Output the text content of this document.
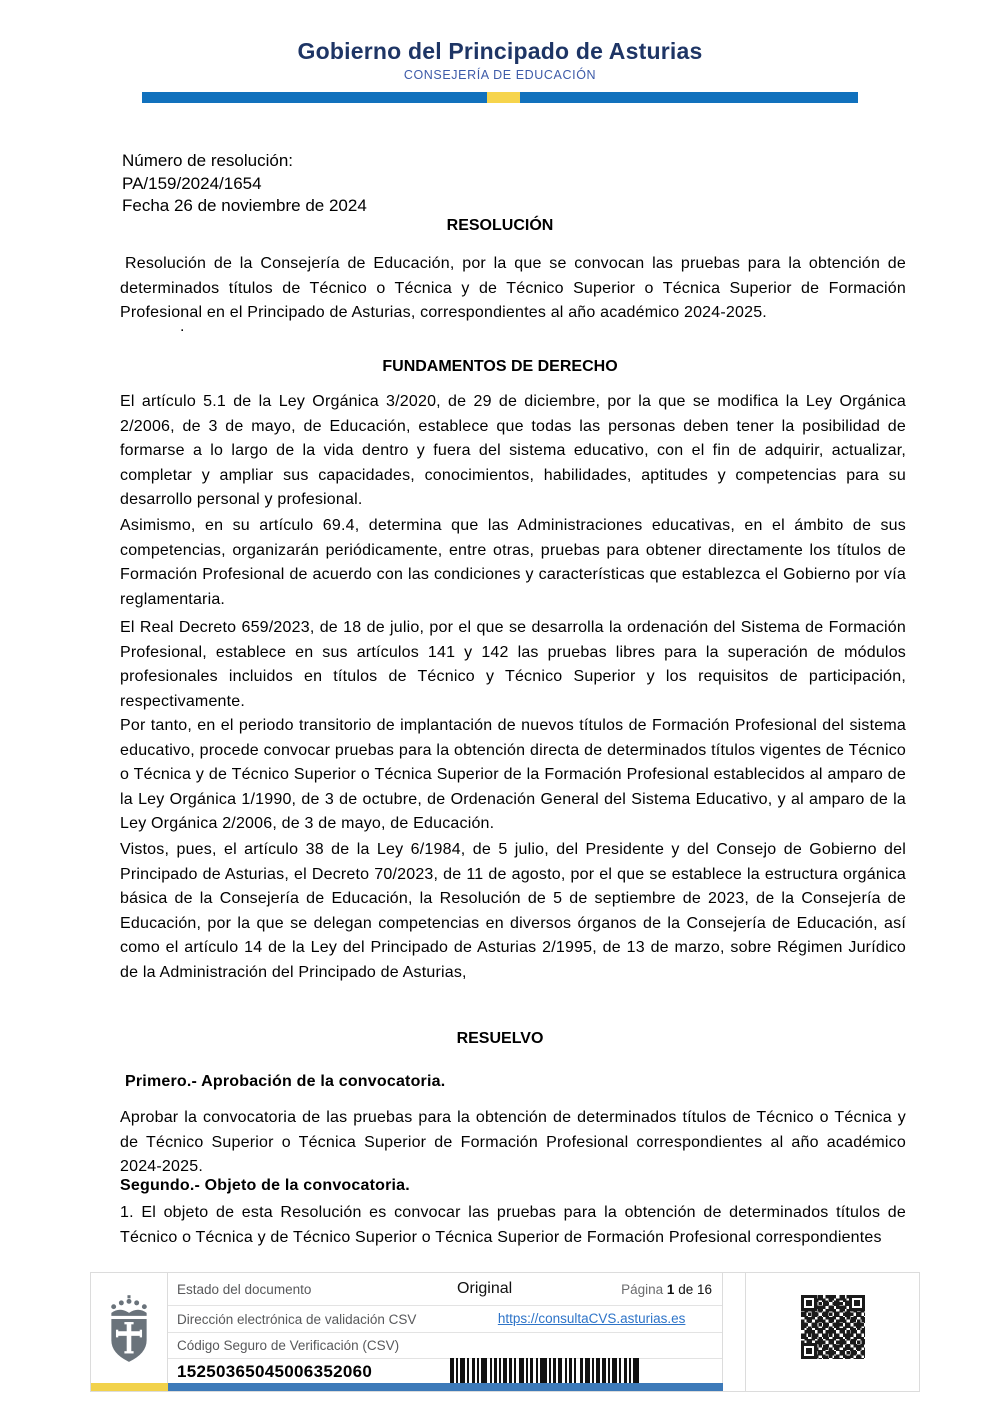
Gobierno del Principado de Asturias
CONSEJERÍA DE EDUCACIÓN
Número de resolución:
PA/159/2024/1654
Fecha 26 de noviembre de 2024
RESOLUCIÓN
Resolución de la Consejería de Educación, por la que se convocan las pruebas para la obtención de determinados títulos de Técnico o Técnica y de Técnico Superior o Técnica Superior de Formación Profesional en el Principado de Asturias, correspondientes al año académico 2024-2025.
.
FUNDAMENTOS DE DERECHO
El artículo 5.1 de la Ley Orgánica 3/2020, de 29 de diciembre, por la que se modifica la Ley Orgánica 2/2006, de 3 de mayo, de Educación, establece que todas las personas deben tener la posibilidad de formarse a lo largo de la vida dentro y fuera del sistema educativo, con el fin de adquirir, actualizar, completar y ampliar sus capacidades, conocimientos, habilidades, aptitudes y competencias para su desarrollo personal y profesional.
Asimismo, en su artículo 69.4, determina que las Administraciones educativas, en el ámbito de sus competencias, organizarán periódicamente, entre otras, pruebas para obtener directamente los títulos de Formación Profesional de acuerdo con las condiciones y características que establezca el Gobierno por vía reglamentaria.
El Real Decreto 659/2023, de 18 de julio, por el que se desarrolla la ordenación del Sistema de Formación Profesional, establece en sus artículos 141 y 142 las pruebas libres para la superación de módulos profesionales incluidos en títulos de Técnico y Técnico Superior y los requisitos de participación, respectivamente.
Por tanto, en el periodo transitorio de implantación de nuevos títulos de Formación Profesional del sistema educativo, procede convocar pruebas para la obtención directa de determinados títulos vigentes de Técnico o Técnica y de Técnico Superior o Técnica Superior de la Formación Profesional establecidos al amparo de la Ley Orgánica 1/1990, de 3 de octubre, de Ordenación General del Sistema Educativo, y al amparo de la Ley Orgánica 2/2006, de 3 de mayo, de Educación.
Vistos, pues, el artículo 38 de la Ley 6/1984, de 5 julio, del Presidente y del Consejo de Gobierno del Principado de Asturias, el Decreto 70/2023, de 11 de agosto, por el que se establece la estructura orgánica básica de la Consejería de Educación, la Resolución de 5 de septiembre de 2023, de la Consejería de Educación, por la que se delegan competencias en diversos órganos de la Consejería de Educación, así como el artículo 14 de la Ley del Principado de Asturias 2/1995, de 13 de marzo, sobre Régimen Jurídico de la Administración del Principado de Asturias,
RESUELVO
Primero.- Aprobación de la convocatoria.
Aprobar la convocatoria de las pruebas para la obtención de determinados títulos de Técnico o Técnica y de Técnico Superior o Técnica Superior de Formación Profesional correspondientes al año académico 2024-2025.
Segundo.- Objeto de la convocatoria.
1. El objeto de esta Resolución es convocar las pruebas para la obtención de determinados títulos de Técnico o Técnica y de Técnico Superior o Técnica Superior de Formación Profesional correspondientes
Estado del documento	Original	Página 1 de 16
Dirección electrónica de validación CSV	https://consultaCVS.asturias.es
Código Seguro de Verificación (CSV)
15250365045006352060
